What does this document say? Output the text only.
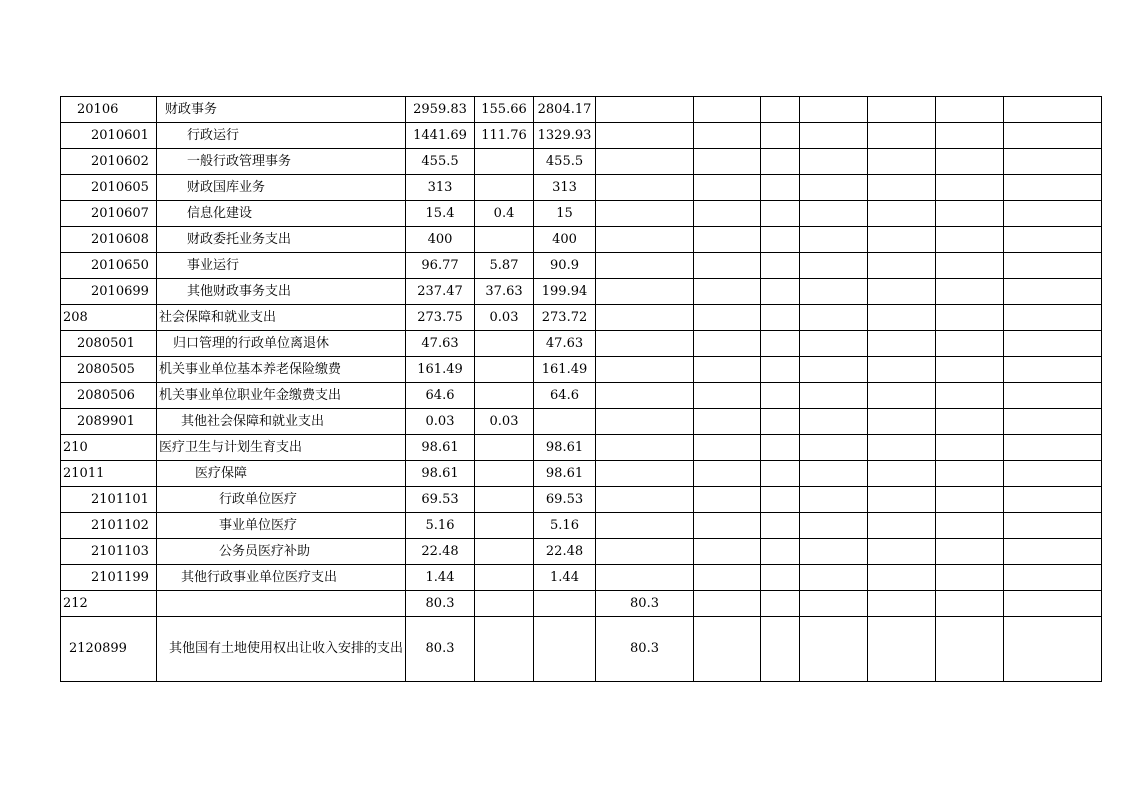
20106	财政事务	2959.83	155.66	2804.17							
2010601	行政运行	1441.69	111.76	1329.93							
2010602	一般行政管理事务	455.5		455.5							
2010605	财政国库业务	313		313							
2010607	信息化建设	15.4	0.4	15							
2010608	财政委托业务支出	400		400							
2010650	事业运行	96.77	5.87	90.9							
2010699	其他财政事务支出	237.47	37.63	199.94							
208	社会保障和就业支出	273.75	0.03	273.72							
2080501	归口管理的行政单位离退休	47.63		47.63							
2080505	机关事业单位基本养老保险缴费	161.49		161.49							
2080506	机关事业单位职业年金缴费支出	64.6		64.6							
2089901	其他社会保障和就业支出	0.03	0.03								
210	医疗卫生与计划生育支出	98.61		98.61							
21011	医疗保障	98.61		98.61							
2101101	行政单位医疗	69.53		69.53							
2101102	事业单位医疗	5.16		5.16							
2101103	公务员医疗补助	22.48		22.48							
2101199	其他行政事业单位医疗支出	1.44		1.44							
212		80.3			80.3						
2120899	其他国有土地使用权出让收入安排的支出	80.3			80.3						
